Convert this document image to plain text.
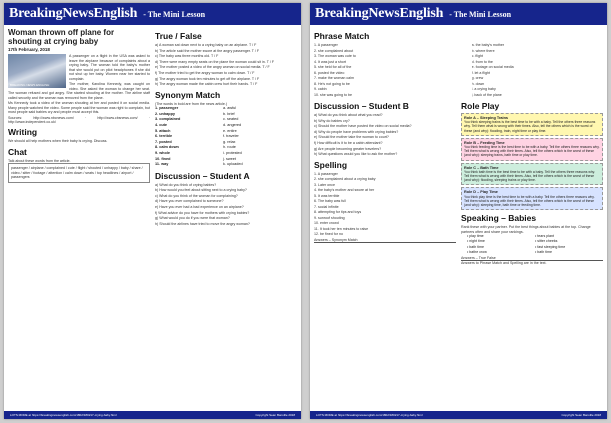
BreakingNewsEnglish - The Mini Lesson
Woman thrown off plane for shouting at crying baby
17th February, 2018
BREAKING NEWS ENGLISH

A passenger on a flight in the USA was asked to leave the airplane because of complaints about a crying baby. The woman told the baby's mother that she would put on pilot headphones if she did not shut up her baby. Women near her started to complain.

The mother, Karolina Kennedy, was caught on video. She asked the woman to change her seat. The woman refused and got angry. She started shouting at the mother. The airline staff called security and the woman was removed from the plane.

Ms Kennedy took a video of the woman shouting at her and posted it on social media. Many people watched the video. Some people said the woman was right to complain, but most people said babies cry and people must accept this.

Sources: http://www.nbcnews.com/ · http://www.cbsnews.com/ · http://www.independent.co.uk/

Writing
We should all help mothers when their baby is crying. Discuss.
Chat
Talk about these words from the article.
passenger / airplane / complained / cute / flight / shouted / unhappy / baby / share / video / sitter / footage / attention / calm down / seats / top headlines / airport / passengers
True / False
a) A woman sat down next to a crying baby on an airplane. T / F
b) The article said the mother swore at the angry passenger. T / F
c) The baby was three months old. T / F
d) There were many empty seats on the plane the woman could sit in. T / F
e) The mother posted a video of the angry woman on social media. T / F
f) The mother tried to get the angry woman to calm down. T / F
g) The angry woman took ten minutes to get off the airplane. T / F
h) The angry woman made the cabin crew hurt their hands. T / F
Synonym Match
(The words in bold are from the news article.)
1. passenger
2. unhappy
3. complained
4. cute
5. attach
6. terrible
7. posted
8. calm down
9. whole
10. fined
11. way
a. awful
b. brief
c. seated
d. angered
e. entire
f. traveler
g. relax
h. route
i. protested
j. sweet
k. uploaded
Discussion – Student A
a) What do you think of crying babies?
b) How would you feel about sitting next to a crying baby?
c) What do you think of the woman for complaining?
d) Have you ever complained to someone?
e) Have you ever had a bad experience on an airplane?
f) What advice do you have for mothers with crying babies?
g) What would you do if you were that woman?
h) Should the airlines have tried to move the angry woman?
LOTS MORE at https://breakingnewsenglish.com/1802/180217-crying-baby.html	Copyright Sean Banville 2018
BreakingNewsEnglish - The Mini Lesson
Phrase Match
1. A passenger
2. she complained about
3. The woman was cute to
4. It was just a short
5. she held for all of the
6. posted the video
7. make the woman calm
8. He's not going to be
9. cabin
10. she was going to be
a. the baby's mother
b. where there
c. flight
d. from to the
e. footage on social media
f. let a flight
g. crew
h. down
i. a crying baby
j. back of the plane
Discussion – Student B
a) What do you think about what you read?
b) Why do babies cry?
c) Should the mother have posted the video on social media?
d) Why do people have problems with crying babies?
e) Should the mother take the woman to court?
f) How difficult is it to be a cabin attendant?
g) Are people becoming greater travelers?
h) What questions would you like to ask the mother?
Spelling
1. A passenger
2. she complained about a crying baby
3. Later once
4. the baby's mother and swore at her
5. It was terrible
6. The baby was full
7. social infinite
8. attempting for tips and toys
9. sunroof shouting
10. enter crowd
11. It took her ten minutes to raise
12. be fined for no
Answers – Synonym Match
Role Play
Role A – Sleeping Trains
You think sleeping trains is the best time to be with a baby. Tell the others three reasons why. Tell them what is wrong with their times. Also, tell the others which is the worst of these (and why): flooding, train, night time or play time.
Role B – Feeding Time
You think feeding time is the best time to be with a baby. Tell the others three reasons why. Tell them what is wrong with their times. Also, tell the others which is the worst of these (and why): sleeping trains, bath time or play time.
Role C – Bath Time
You think bath time is the best time to be with a baby. Tell the others three reasons why. Tell them what is wrong with their times. Also, tell the others which is the worst of these (and why): flooding, sleeping trains or play time.
Role D – Play Time
You think play time is the best time to be with a baby. Tell the others three reasons why. Tell them what is wrong with their times. Also, tell the others which is the worst of these (and why): sleeping time, bath time or feeding time.
Speaking – Babies
Rank these with your partner. Put the best things about babies at the top. Change partners often and share your rankings.
• play time
• night time
• bath time
• bathe crow
• tears plant
• sitter cheeks
• fast sleeping time
• bath time
Answers – True False
Answers to Phrase Match and Spelling are in the text.
LOTS MORE at https://breakingnewsenglish.com/1802/180217-crying-baby.html	Copyright Sean Banville 2018
